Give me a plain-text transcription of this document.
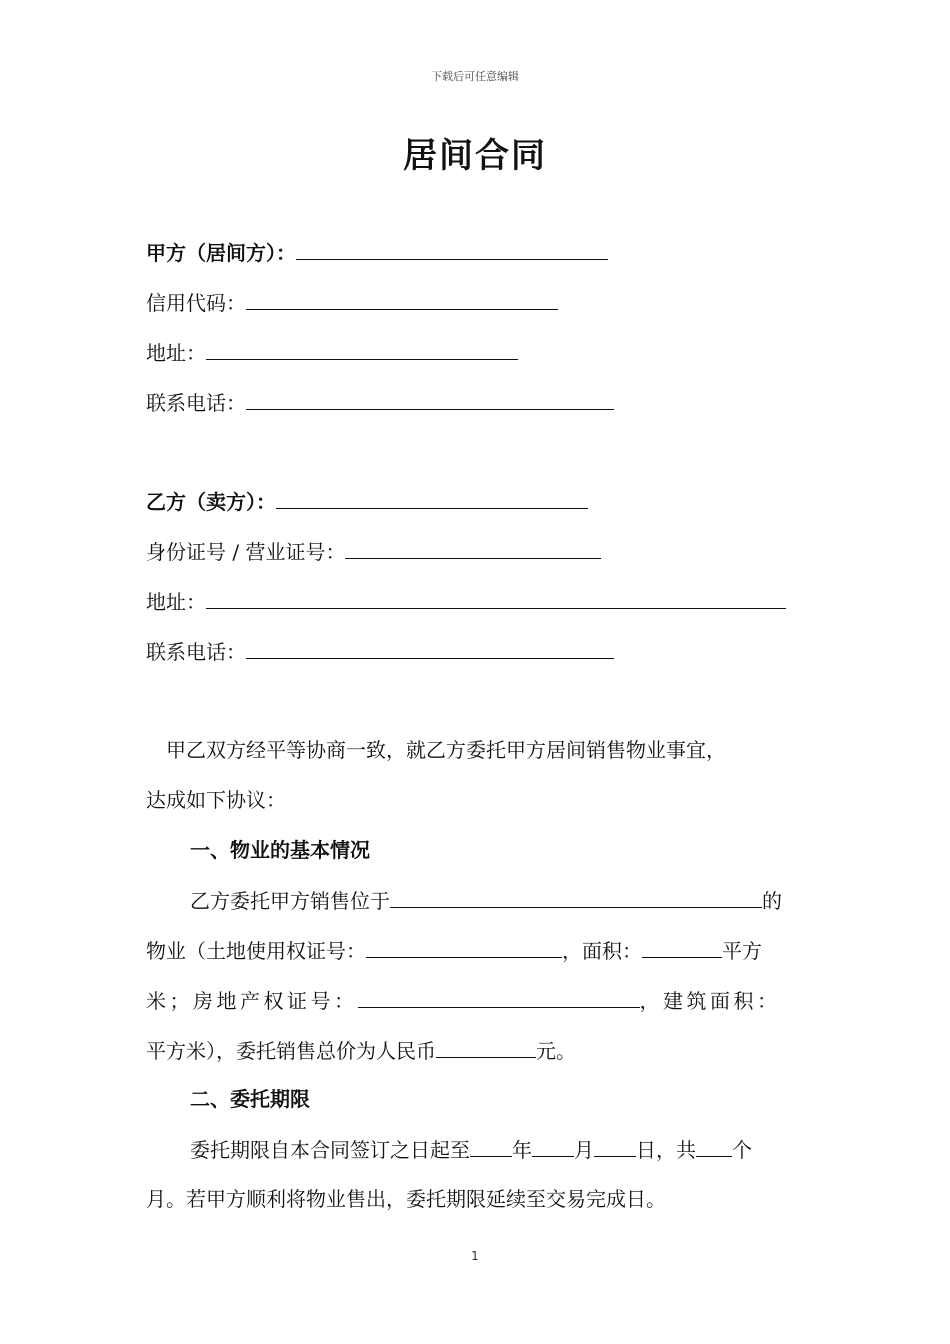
下载后可任意编辑
居间合同
甲方（居间方）：
信用代码：
地址：
联系电话：
乙方（卖方）：
身份证号 / 营业证号：
地址：
联系电话：
甲乙双方经平等协商一致，就乙方委托甲方居间销售物业事宜，
达成如下协议：
一、物业的基本情况
乙方委托甲方销售位于	的
物业（土地使用权证号：	，面积：	平方
米；房地产权证号：	，建筑面积：
平方米），委托销售总价为人民币	元。
二、委托期限
委托期限自本合同签订之日起至 年 月 日，共 个
月。若甲方顺利将物业售出，委托期限延续至交易完成日。
1
